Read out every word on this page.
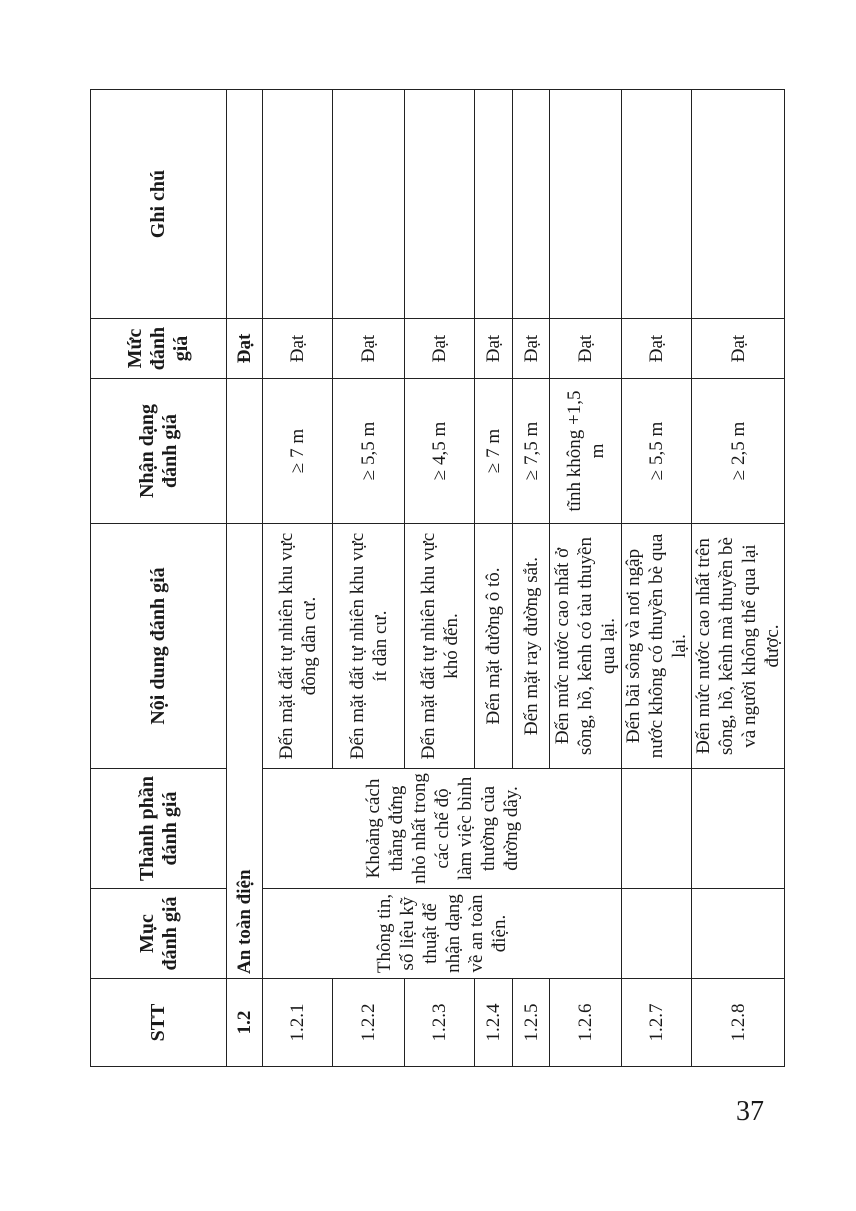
STT	Mục đánh giá	Thành phần đánh giá	Nội dung đánh giá	Nhận dạng đánh giá	Mức đánh giá	Ghi chú
1.2	An toàn điện				Đạt	
1.2.1	Thông tin, số liệu kỹ thuật để nhận dạng về an toàn điện.	Khoảng cách thẳng đứng nhỏ nhất trong các chế độ làm việc bình thường của đường dây.	Đến mặt đất tự nhiên khu vực đông dân cư.	≥ 7 m	Đạt	
1.2.2			Đến mặt đất tự nhiên khu vực ít dân cư.	≥ 5,5 m	Đạt	
1.2.3			Đến mặt đất tự nhiên khu vực khó đến.	≥ 4,5 m	Đạt	
1.2.4			Đến mặt đường ô tô.	≥ 7 m	Đạt	
1.2.5			Đến mặt ray đường sắt.	≥ 7,5 m	Đạt	
1.2.6			Đến mức nước cao nhất ở sông, hồ, kênh có tàu thuyền qua lại.	tĩnh không +1,5 m	Đạt	
1.2.7			Đến bãi sông và nơi ngập nước không có thuyền bè qua lại.	≥ 5,5 m	Đạt	
1.2.8			Đến mức nước cao nhất trên sông, hồ, kênh mà thuyền bè và người không thể qua lại được.	≥ 2,5 m	Đạt	
37
